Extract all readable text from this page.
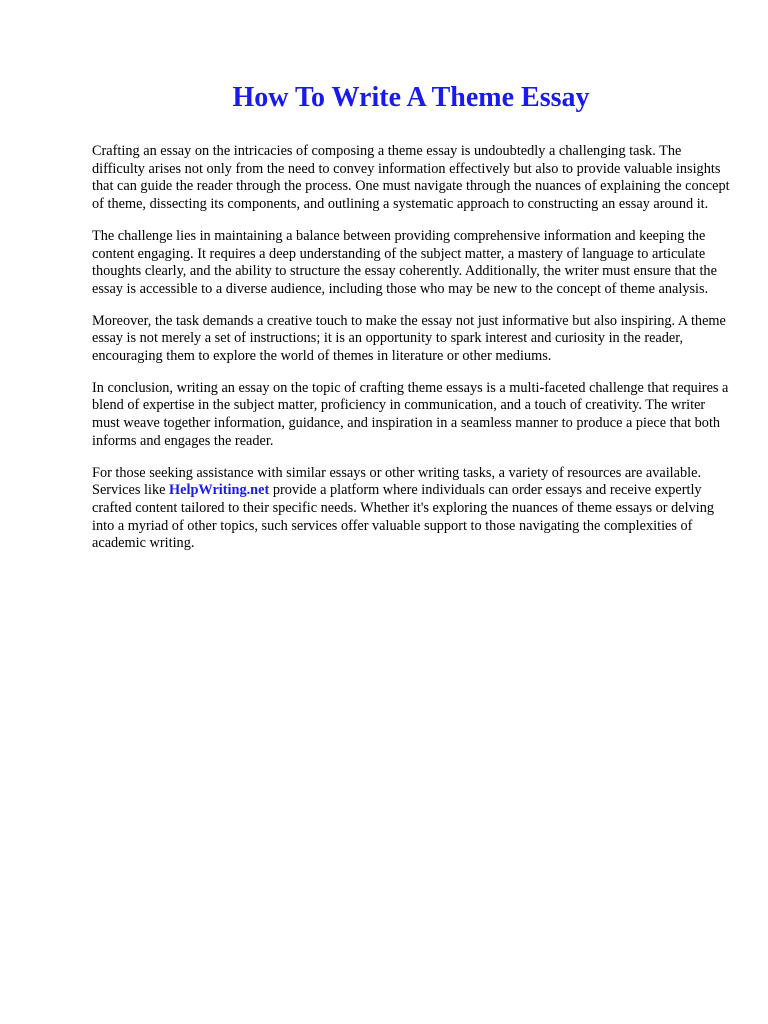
How To Write A Theme Essay

Crafting an essay on the intricacies of composing a theme essay is undoubtedly a challenging task. The difficulty arises not only from the need to convey information effectively but also to provide valuable insights that can guide the reader through the process. One must navigate through the nuances of explaining the concept of theme, dissecting its components, and outlining a systematic approach to constructing an essay around it.

The challenge lies in maintaining a balance between providing comprehensive information and keeping the content engaging. It requires a deep understanding of the subject matter, a mastery of language to articulate thoughts clearly, and the ability to structure the essay coherently. Additionally, the writer must ensure that the essay is accessible to a diverse audience, including those who may be new to the concept of theme analysis.

Moreover, the task demands a creative touch to make the essay not just informative but also inspiring. A theme essay is not merely a set of instructions; it is an opportunity to spark interest and curiosity in the reader, encouraging them to explore the world of themes in literature or other mediums.

In conclusion, writing an essay on the topic of crafting theme essays is a multi-faceted challenge that requires a blend of expertise in the subject matter, proficiency in communication, and a touch of creativity. The writer must weave together information, guidance, and inspiration in a seamless manner to produce a piece that both informs and engages the reader.

For those seeking assistance with similar essays or other writing tasks, a variety of resources are available. Services like HelpWriting.net provide a platform where individuals can order essays and receive expertly crafted content tailored to their specific needs. Whether it's exploring the nuances of theme essays or delving into a myriad of other topics, such services offer valuable support to those navigating the complexities of academic writing.
